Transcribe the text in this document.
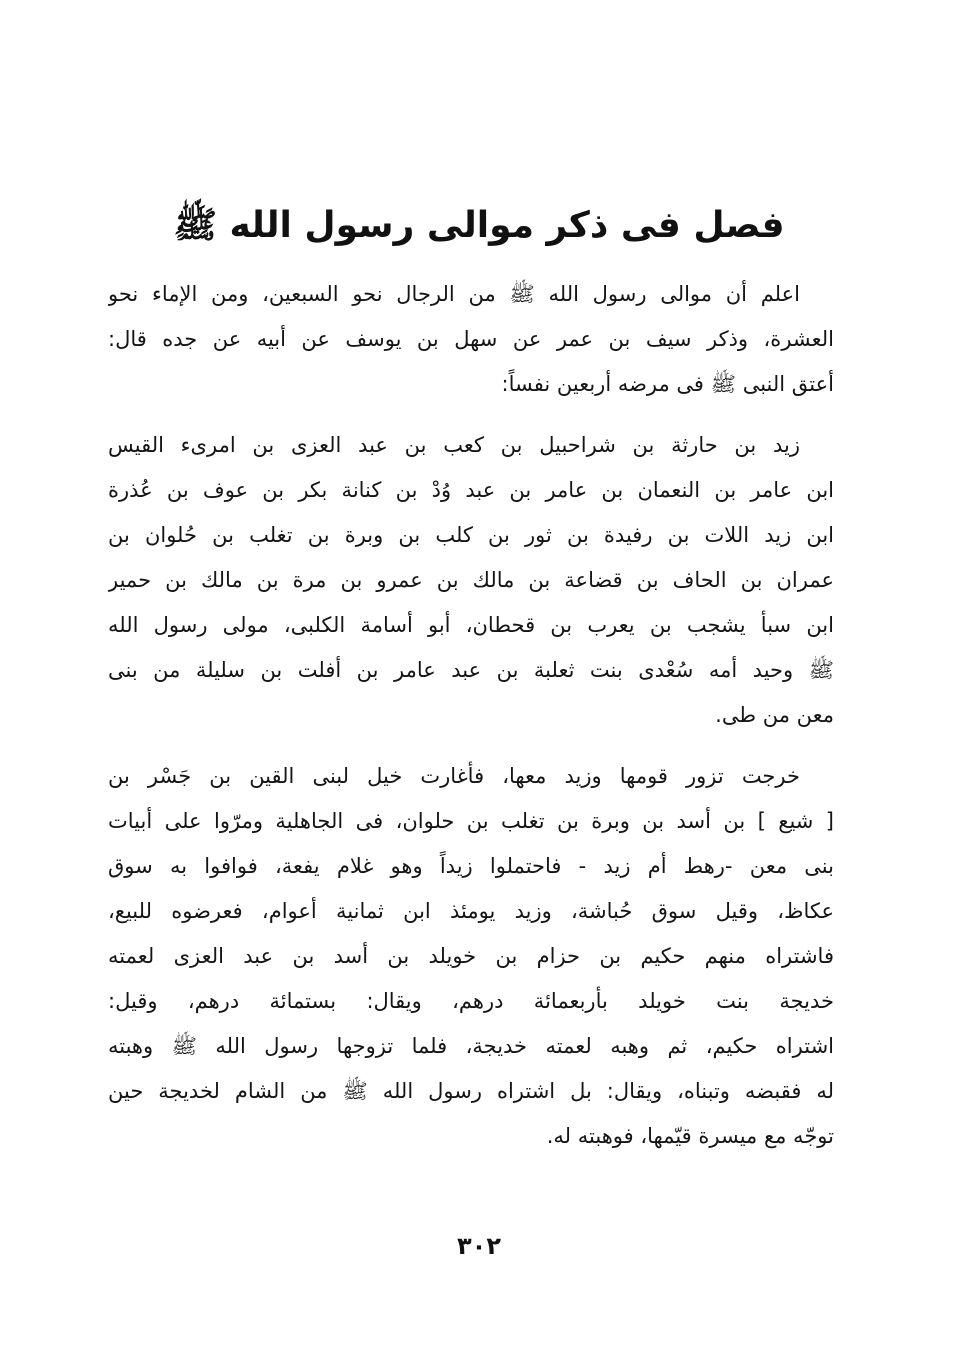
فصل فى ذكر موالى رسول الله ﷺ

اعلم أن موالى رسول الله ﷺ من الرجال نحو السبعين، ومن الإماء نحو
العشرة، وذكر سيف بن عمر عن سهل بن يوسف عن أبيه عن جده قال:
أعتق النبى ﷺ فى مرضه أربعين نفساً:

زيد بن حارثة بن شراحبيل بن كعب بن عبد العزى بن امرىء القيس
ابن عامر بن النعمان بن عامر بن عبد وُدْ بن كنانة بكر بن عوف بن عُذرة
ابن زيد اللات بن رفيدة بن ثور بن كلب بن وبرة بن تغلب بن حُلوان بن
عمران بن الحاف بن قضاعة بن مالك بن عمرو بن مرة بن مالك بن حمير
ابن سبأ يشجب بن يعرب بن قحطان، أبو أسامة الكلبى، مولى رسول الله
ﷺ وحيد أمه سُعْدى بنت ثعلبة بن عبد عامر بن أفلت بن سليلة من بنى
معن من طى.

خرجت تزور قومها وزيد معها، فأغارت خيل لبنى القين بن جَسْر بن
[ شيع ] بن أسد بن وبرة بن تغلب بن حلوان، فى الجاهلية ومرّوا على أبيات
بنى معن -رهط أم زيد - فاحتملوا زيداً وهو غلام يفعة، فوافوا به سوق
عكاظ، وقيل سوق حُباشة، وزيد يومئذ ابن ثمانية أعوام، فعرضوه للبيع،
فاشتراه منهم حكيم بن حزام بن خويلد بن أسد بن عبد العزى لعمته
خديجة بنت خويلد بأربعمائة درهم، ويقال: بستمائة درهم، وقيل:
اشتراه حكيم، ثم وهبه لعمته خديجة، فلما تزوجها رسول الله ﷺ وهبته
له فقبضه وتبناه، ويقال: بل اشتراه رسول الله ﷺ من الشام لخديجة حين
توجّه مع ميسرة قيّمها، فوهبته له.

٣٠٢
